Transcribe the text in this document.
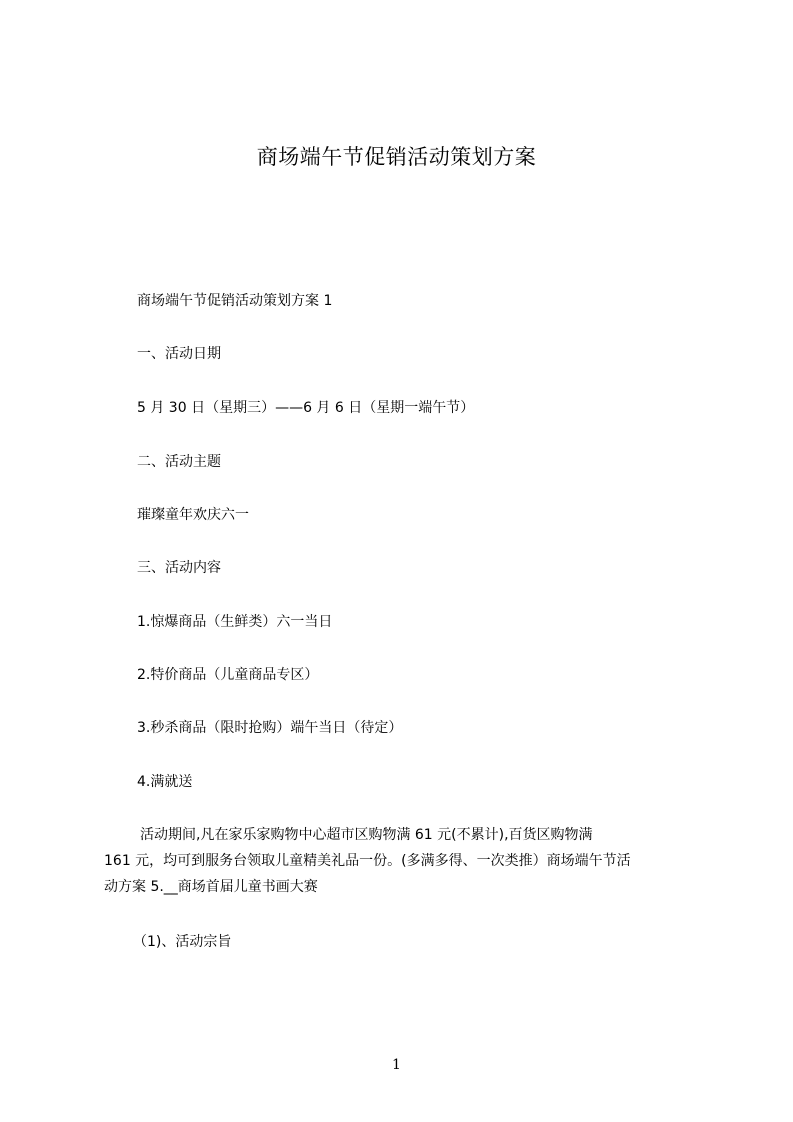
商场端午节促销活动策划方案
商场端午节促销活动策划方案 1
一、活动日期
5 月 30 日（星期三）——6 月 6 日（星期一端午节）
二、活动主题
璀璨童年欢庆六一
三、活动内容
1.惊爆商品（生鲜类）六一当日
2.特价商品（儿童商品专区）
3.秒杀商品（限时抢购）端午当日（待定）
4.满就送
活动期间,凡在家乐家购物中心超市区购物满 61 元(不累计),百货区购物满
161 元，均可到服务台领取儿童精美礼品一份。(多满多得、一次类推）商场端午节活
动方案 5.__商场首届儿童书画大赛
（1)、活动宗旨
1
